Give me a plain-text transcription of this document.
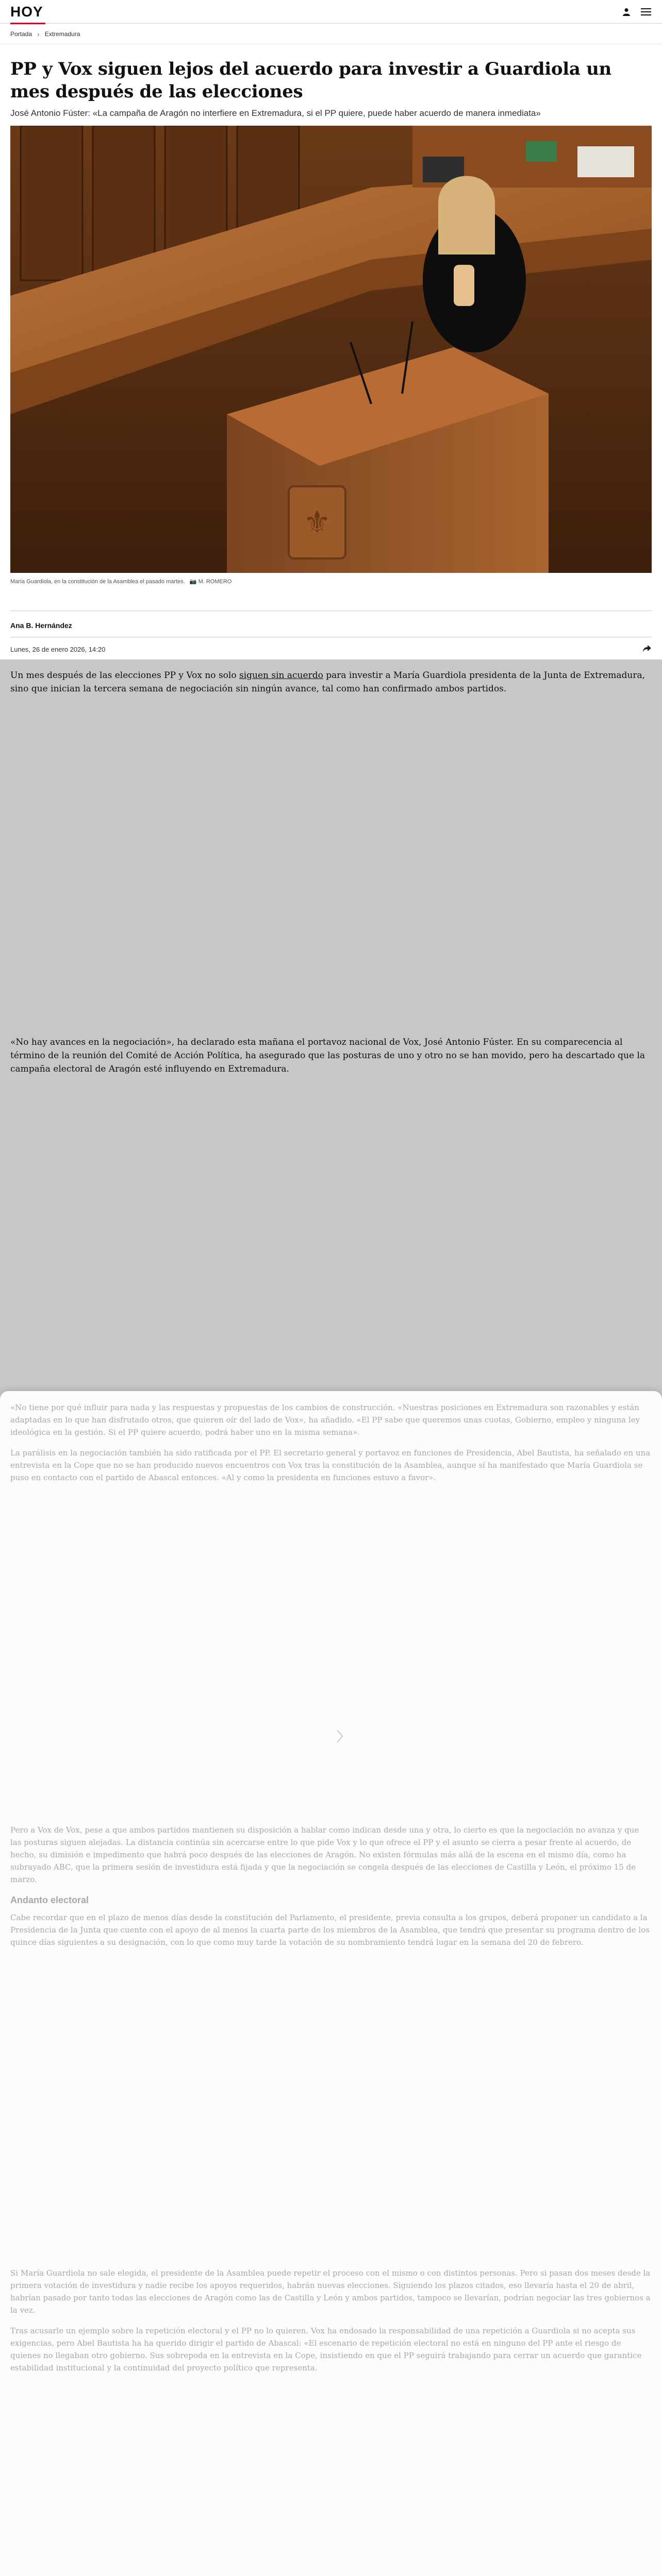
HOY
Portada › Extremadura
PP y Vox siguen lejos del acuerdo para investir a Guardiola un mes después de las elecciones

José Antonio Fúster: «La campaña de Aragón no interfiere en Extremadura, si el PP quiere, puede haber acuerdo de manera inmediata»

⚜

María Guardiola, en la constitución de la Asamblea el pasado martes. 📷 M. ROMERO

Ana B. Hernández

Lunes, 26 de enero 2026, 14:20

Un mes después de las elecciones PP y Vox no solo siguen sin acuerdo para investir a María Guardiola presidenta de la Junta de Extremadura, sino que inician la tercera semana de negociación sin ningún avance, tal como han confirmado ambos partidos.

«No hay avances en la negociación», ha declarado esta mañana el portavoz nacional de Vox, José Antonio Fúster. En su comparecencia al término de la reunión del Comité de Acción Política, ha asegurado que las posturas de uno y otro no se han movido, pero ha descartado que la campaña electoral de Aragón esté influyendo en Extremadura.

«No tiene por qué influir para nada y las respuestas y propuestas de los cambios de construcción. «Nuestras posiciones en Extremadura son razonables y están adaptadas en lo que han disfrutado otros, que quieren oír del lado de Vox», ha añadido. «El PP sabe que queremos unas cuotas, Gobierno, empleo y ninguna ley ideológica en la gestión. Si el PP quiere acuerdo, podrá haber uno en la misma semana».

La parálisis en la negociación también ha sido ratificada por el PP. El secretario general y portavoz en funciones de Presidencia, Abel Bautista, ha señalado en una entrevista en la Cope que no se han producido nuevos encuentros con Vox tras la constitución de la Asamblea, aunque sí ha manifestado que María Guardiola se puso en contacto con el partido de Abascal entonces. «Al y como la presidenta en funciones estuvo a favor».

Pero a Vox de Vox, pese a que ambos partidos mantienen su disposición a hablar como indican desde una y otra, lo cierto es que la negociación no avanza y que las posturas siguen alejadas. La distancia continúa sin acercarse entre lo que pide Vox y lo que ofrece el PP y el asunto se cierra a pesar frente al acuerdo, de hecho, su dimisión e impedimento que habrá poco después de las elecciones de Aragón. No existen fórmulas más allá de la escena en el mismo día, como ha subrayado ABC, que la primera sesión de investidura está fijada y que la negociación se congela después de las elecciones de Castilla y León, el próximo 15 de marzo.

Andanto electoral

Cabe recordar que en el plazo de menos días desde la constitución del Parlamento, el presidente, previa consulta a los grupos, deberá proponer un candidato a la Presidencia de la Junta que cuente con el apoyo de al menos la cuarta parte de los miembros de la Asamblea, que tendrá que presentar su programa dentro de los quince días siguientes a su designación, con lo que como muy tarde la votación de su nombramiento tendrá lugar en la semana del 20 de febrero.

Si María Guardiola no sale elegida, el presidente de la Asamblea puede repetir el proceso con el mismo o con distintos personas. Pero si pasan dos meses desde la primera votación de investidura y nadie recibe los apoyos requeridos, habrán nuevas elecciones. Siguiendo los plazos citados, eso llevaría hasta el 20 de abril, habrían pasado por tanto todas las elecciones de Aragón como las de Castilla y León y ambos partidos, tampoco se llevarían, podrían negociar las tres gobiernos a la vez.

Tras acusarle un ejemplo sobre la repetición electoral y el PP no lo quieren. Vox ha endosado la responsabilidad de una repetición a Guardiola si no acepta sus exigencias, pero Abel Bautista ha ha querido dirigir el partido de Abascal: «El escenario de repetición electoral no está en ninguno del PP ante el riesgo de quienes no llegaban otro gobierno. Sus sobrepoda en la entrevista en la Cope, insistiendo en que el PP seguirá trabajando para cerrar un acuerdo que garantice estabilidad institucional y la continuidad del proyecto político que representa.
